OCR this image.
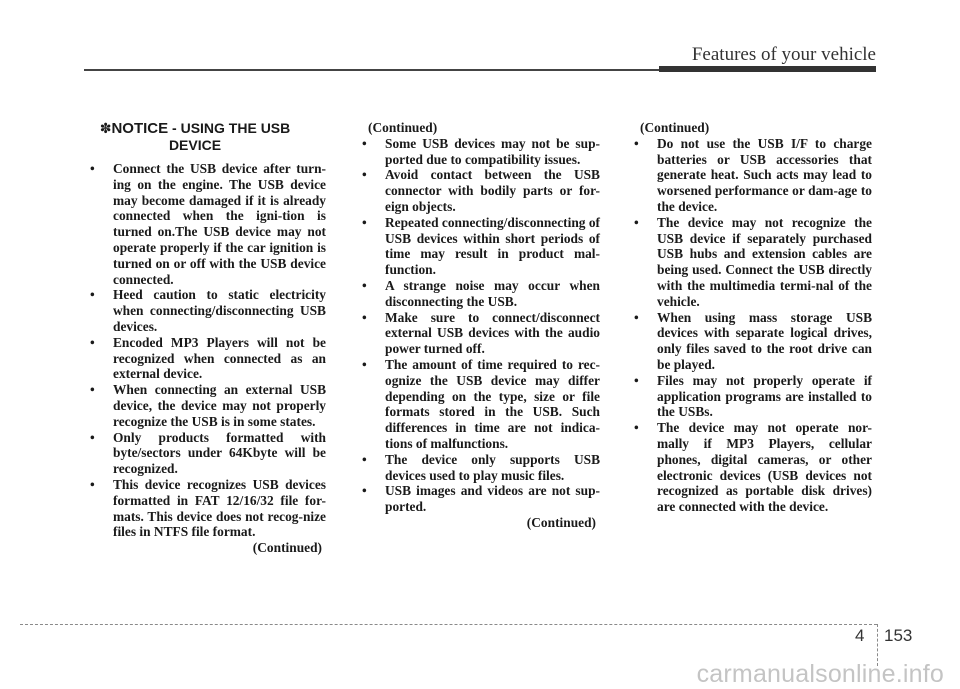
Features of your vehicle
✽NOTICE - USING THE USB
DEVICE
• Connect the USB device after turn-ing on the engine. The USB device may become damaged if it is already connected when the igni-tion is turned on.The USB device may not operate properly if the car ignition is turned on or off with the USB device connected.
• Heed caution to static electricity when connecting/disconnecting USB devices.
• Encoded MP3 Players will not be recognized when connected as an external device.
• When connecting an external USB device, the device may not properly recognize the USB is in some states.
• Only products formatted with byte/sectors under 64Kbyte will be recognized.
• This device recognizes USB devices formatted in FAT 12/16/32 file for-mats. This device does not recog-nize files in NTFS file format.
(Continued)
(Continued)
• Some USB devices may not be sup-ported due to compatibility issues.
• Avoid contact between the USB connector with bodily parts or for-eign objects.
• Repeated connecting/disconnecting of USB devices within short periods of time may result in product mal-function.
• A strange noise may occur when disconnecting the USB.
• Make sure to connect/disconnect external USB devices with the audio power turned off.
• The amount of time required to rec-ognize the USB device may differ depending on the type, size or file formats stored in the USB. Such differences in time are not indica-tions of malfunctions.
• The device only supports USB devices used to play music files.
• USB images and videos are not sup-ported.
(Continued)
(Continued)
• Do not use the USB I/F to charge batteries or USB accessories that generate heat. Such acts may lead to worsened performance or dam-age to the device.
• The device may not recognize the USB device if separately purchased USB hubs and extension cables are being used. Connect the USB directly with the multimedia termi-nal of the vehicle.
• When using mass storage USB devices with separate logical drives, only files saved to the root drive can be played.
• Files may not properly operate if application programs are installed to the USBs.
• The device may not operate nor-mally if MP3 Players, cellular phones, digital cameras, or other electronic devices (USB devices not recognized as portable disk drives) are connected with the device.
4 153
carmanualsonline.info
